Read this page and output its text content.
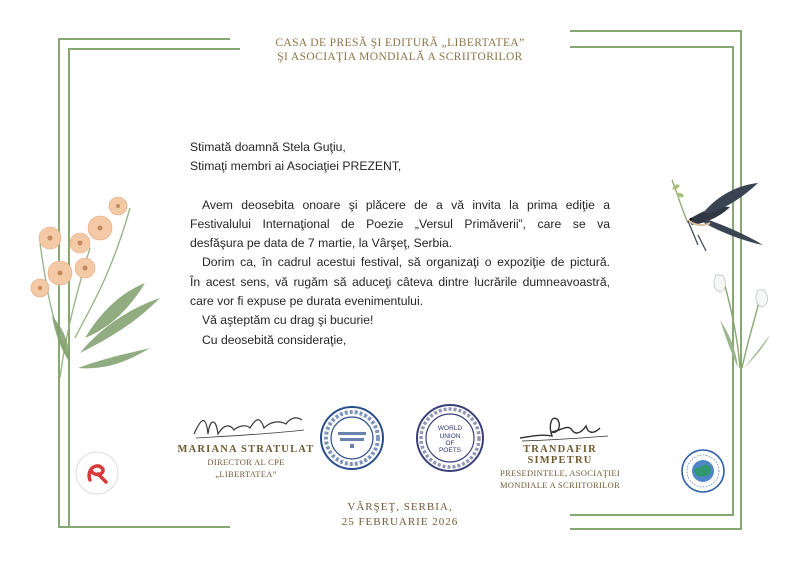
CASA DE PRESĂ ŞI EDITURĂ „LIBERTATEA”
ŞI ASOCIAŢIA MONDIALĂ A SCRIITORILOR

Stimată doamnă Stela Guţiu,

Stimaţi membri ai Asociaţiei PREZENT,

Avem deosebita onoare şi plăcere de a vă invita la prima ediţie a

Festivalului Internaţional de Poezie „Versul Primăverii”, care se va

desfăşura pe data de 7 martie, la Vârşeţ, Serbia.

Dorim ca, în cadrul acestui festival, să organizaţi o expoziţie de pictură.

În acest sens, vă rugăm să aduceţi câteva dintre lucrările dumneavoastră,

care vor fi expuse pe durata evenimentului.

Vă aşteptăm cu drag şi bucurie!

Cu deosebită consideraţie,

MARIANA STRATULAT
DIRECTOR AL CPE
„LIBERTATEA”
WORLD
UNION
OF
POETS	TRANDAFIR SIMPETRU
PRESEDINTELE, ASOCIAŢIEI
MONDIALE A SCRIITORILOR
VÂRŞEŢ, SERBIA,
25 FEBRUARIE 2026
